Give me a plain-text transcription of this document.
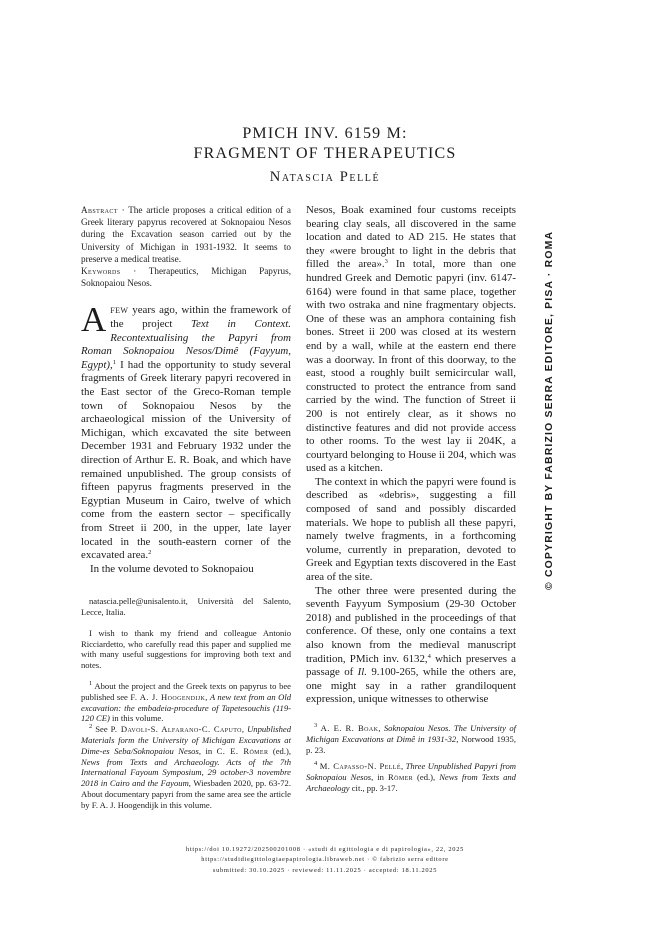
PMICH INV. 6159 M:
FRAGMENT OF THERAPEUTICS
Natascia Pellé

Abstract · The article proposes a critical edition of a Greek literary papyrus recovered at Soknopaiou Nesos during the Excavation season carried out by the University of Michigan in 1931-1932. It seems to preserve a medical treatise.

Keywords · Therapeutics, Michigan Papyrus, Soknopaiou Nesos.

Afew years ago, within the framework of the project Text in Context. Recontextualising the Papyri from Roman Soknopaiou Nesos/Dimê (Fayyum, Egypt),$^1$ I had the opportunity to study several fragments of Greek literary papyri recovered in the East sector of the Greco-Roman temple town of Soknopaiou Nesos by the archaeological mission of the University of Michigan, which excavated the site between December 1931 and February 1932 under the direction of Arthur E. R. Boak, and which have remained unpublished. The group consists of fifteen papyrus fragments preserved in the Egyptian Museum in Cairo, twelve of which come from the eastern sector – specifically from Street ii 200, in the upper, late layer located in the south-eastern corner of the excavated area.$^2$

In the volume devoted to Soknopaiou

natascia.pelle@unisalento.it, Università del Salento, Lecce, Italia.

I wish to thank my friend and colleague Antonio Ricciardetto, who carefully read this paper and supplied me with many useful suggestions for improving both text and notes.

$^1$ About the project and the Greek texts on papyrus to bee published see F. A. J. Hoogendijk, A new text from an Old excavation: the embadeia-procedure of Tapetesouchis (119-120 CE) in this volume.

$^2$ See P. Davoli-S. Alfarano-C. Caputo, Unpublished Materials form the University of Michigan Excavations at Dime-es Seba/Soknopaiou Nesos, in C. E. Römer (ed.), News from Texts and Archaeology. Acts of the 7th International Fayoum Symposium, 29 october-3 novembre 2018 in Cairo and the Fayoum, Wiesbaden 2020, pp. 63-72. About documentary papyri from the same area see the article by F. A. J. Hoogendijk in this volume.

Nesos, Boak examined four customs receipts bearing clay seals, all discovered in the same location and dated to AD 215. He states that they «were brought to light in the debris that filled the area».$^3$ In total, more than one hundred Greek and Demotic papyri (inv. 6147-6164) were found in that same place, together with two ostraka and nine fragmentary objects. One of these was an amphora containing fish bones. Street ii 200 was closed at its western end by a wall, while at the eastern end there was a doorway. In front of this doorway, to the east, stood a roughly built semicircular wall, constructed to protect the entrance from sand carried by the wind. The function of Street ii 200 is not entirely clear, as it shows no distinctive features and did not provide access to other rooms. To the west lay ii 204K, a courtyard belonging to House ii 204, which was used as a kitchen.

The context in which the papyri were found is described as «debris», suggesting a fill composed of sand and possibly discarded materials. We hope to publish all these papyri, namely twelve fragments, in a forthcoming volume, currently in preparation, devoted to Greek and Egyptian texts discovered in the East area of the site.

The other three were presented during the seventh Fayyum Symposium (29-30 October 2018) and published in the proceedings of that conference. Of these, only one contains a text also known from the medieval manuscript tradition, PMich inv. 6132,$^4$ which preserves a passage of Il. 9.100-265, while the others are, one might say in a rather grandiloquent expression, unique witnesses to otherwise

$^3$ A. E. R. Boak, Soknopaiou Nesos. The University of Michigan Excavations at Dimê in 1931-32, Norwood 1935, p. 23.

$^4$ M. Capasso-N. Pellé, Three Unpublished Papyri from Soknopaiou Nesos, in Römer (ed.), News from Texts and Archaeology cit., pp. 3-17.

https://doi 10.19272/202500201008 · «studi di egittologia e di papirologia», 22, 2025
https://studidiegittologiaepapirologia.libraweb.net · © fabrizio serra editore
submitted: 30.10.2025 · reviewed: 11.11.2025 · accepted: 18.11.2025
© COPYRIGHT BY FABRIZIO SERRA EDITORE, PISA · ROMA
